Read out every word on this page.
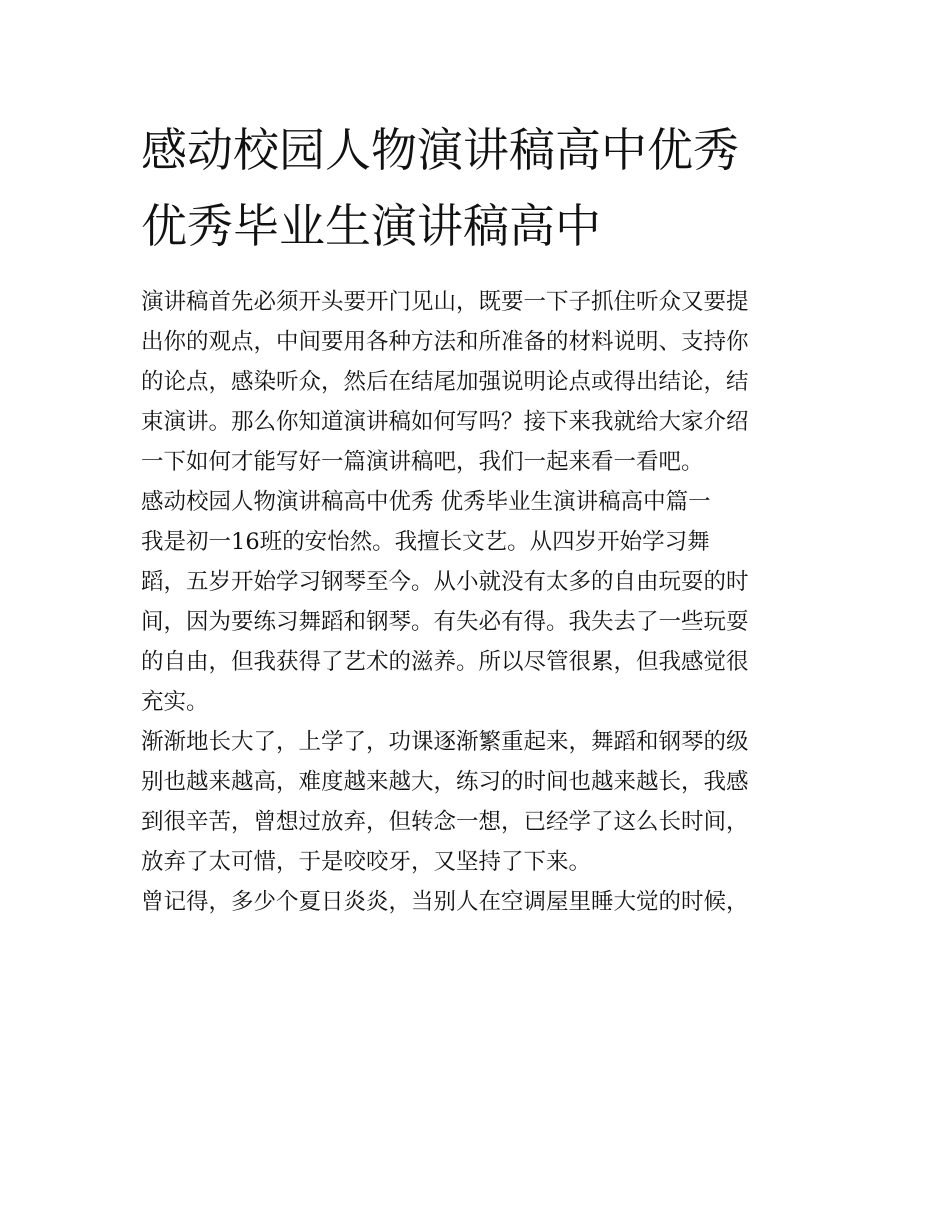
感动校园人物演讲稿高中优秀
优秀毕业生演讲稿高中
演讲稿首先必须开头要开门见山，既要一下子抓住听众又要提
出你的观点，中间要用各种方法和所准备的材料说明、支持你
的论点，感染听众，然后在结尾加强说明论点或得出结论，结
束演讲。那么你知道演讲稿如何写吗？接下来我就给大家介绍
一下如何才能写好一篇演讲稿吧，我们一起来看一看吧。
感动校园人物演讲稿高中优秀 优秀毕业生演讲稿高中篇一
我是初一16班的安怡然。我擅长文艺。从四岁开始学习舞
蹈，五岁开始学习钢琴至今。从小就没有太多的自由玩耍的时
间，因为要练习舞蹈和钢琴。有失必有得。我失去了一些玩耍
的自由，但我获得了艺术的滋养。所以尽管很累，但我感觉很
充实。
渐渐地长大了，上学了，功课逐渐繁重起来，舞蹈和钢琴的级
别也越来越高，难度越来越大，练习的时间也越来越长，我感
到很辛苦，曾想过放弃，但转念一想，已经学了这么长时间，
放弃了太可惜，于是咬咬牙，又坚持了下来。
曾记得，多少个夏日炎炎，当别人在空调屋里睡大觉的时候，
